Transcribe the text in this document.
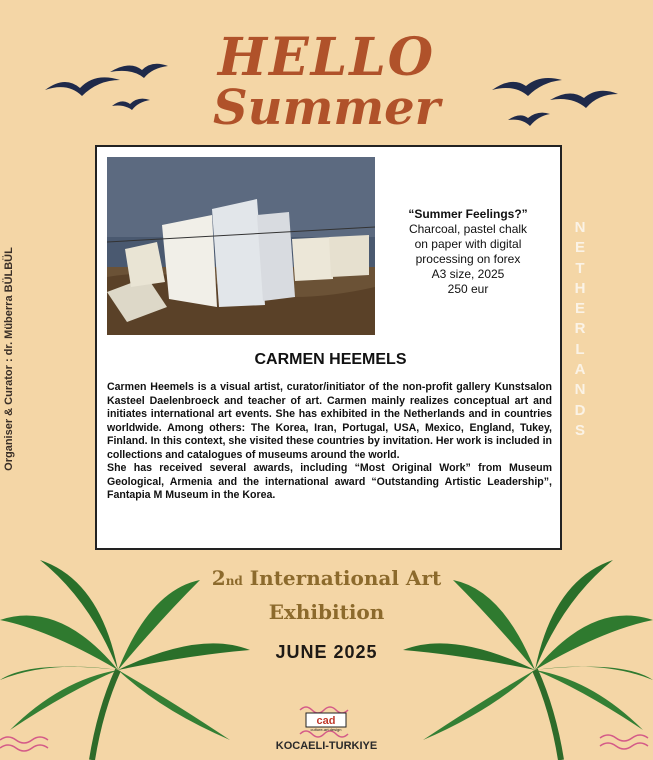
HELLO
Summer
“Summer Feelings?”
Charcoal, pastel chalk
on paper with digital
processing on forex
A3 size, 2025
250 eur
CARMEN HEEMELS
Carmen Heemels is a visual artist, curator/initiator of the non-profit gallery Kunstsalon Kasteel Daelenbroeck and teacher of art. Carmen mainly realizes conceptual art and initiates international art events. She has exhibited in the Netherlands and in countries worldwide. Among others: The Korea, Iran, Portugal, USA, Mexico, England, Tukey, Finland. In this context, she visited these countries by invitation. Her work is included in collections and catalogues of museums around the world.
She has received several awards, including “Most Original Work” from Museum Geological, Armenia and the international award “Outstanding Artistic Leadership”, Fantapia M Museum in the Korea.
Organiser & Curator : dr. Müberra BÜLBÜL
N
E
T
H
E
R
L
A
N
D
S
2nd International Art
Exhibition
JUNE 2025
cad
culture-art design
KOCAELI-TURKIYE
